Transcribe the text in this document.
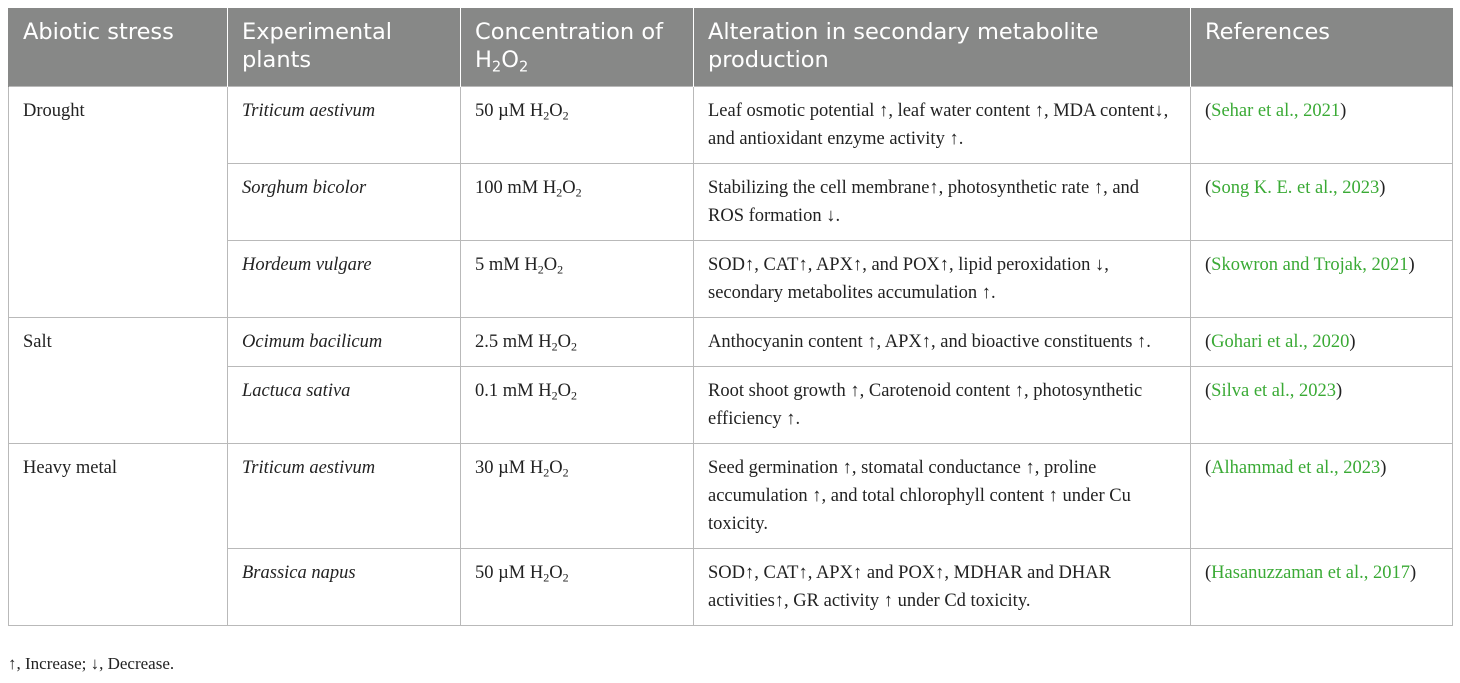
Abiotic stress	Experimental plants	Concentration of $H_2O_2$	Alteration in secondary metabolite production	References
Drought	Triticum aestivum	50 µM $H_2O_2$	Leaf osmotic potential ↑, leaf water content ↑, MDA content↓, and antioxidant enzyme activity ↑.	(Sehar et al., 2021)
	Sorghum bicolor	100 mM $H_2O_2$	Stabilizing the cell membrane↑, photosynthetic rate ↑, and ROS formation ↓.	(Song K. E. et al., 2023)
	Hordeum vulgare	5 mM $H_2O_2$	SOD↑, CAT↑, APX↑, and POX↑, lipid peroxidation ↓, secondary metabolites accumulation ↑.	(Skowron and Trojak, 2021)
Salt	Ocimum bacilicum	2.5 mM $H_2O_2$	Anthocyanin content ↑, APX↑, and bioactive constituents ↑.	(Gohari et al., 2020)
	Lactuca sativa	0.1 mM $H_2O_2$	Root shoot growth ↑, Carotenoid content ↑, photosynthetic efficiency ↑.	(Silva et al., 2023)
Heavy metal	Triticum aestivum	30 µM $H_2O_2$	Seed germination ↑, stomatal conductance ↑, proline accumulation ↑, and total chlorophyll content ↑ under Cu toxicity.	(Alhammad et al., 2023)
	Brassica napus	50 µM $H_2O_2$	SOD↑, CAT↑, APX↑ and POX↑, MDHAR and DHAR activities↑, GR activity ↑ under Cd toxicity.	(Hasanuzzaman et al., 2017)
↑, Increase; ↓, Decrease.
